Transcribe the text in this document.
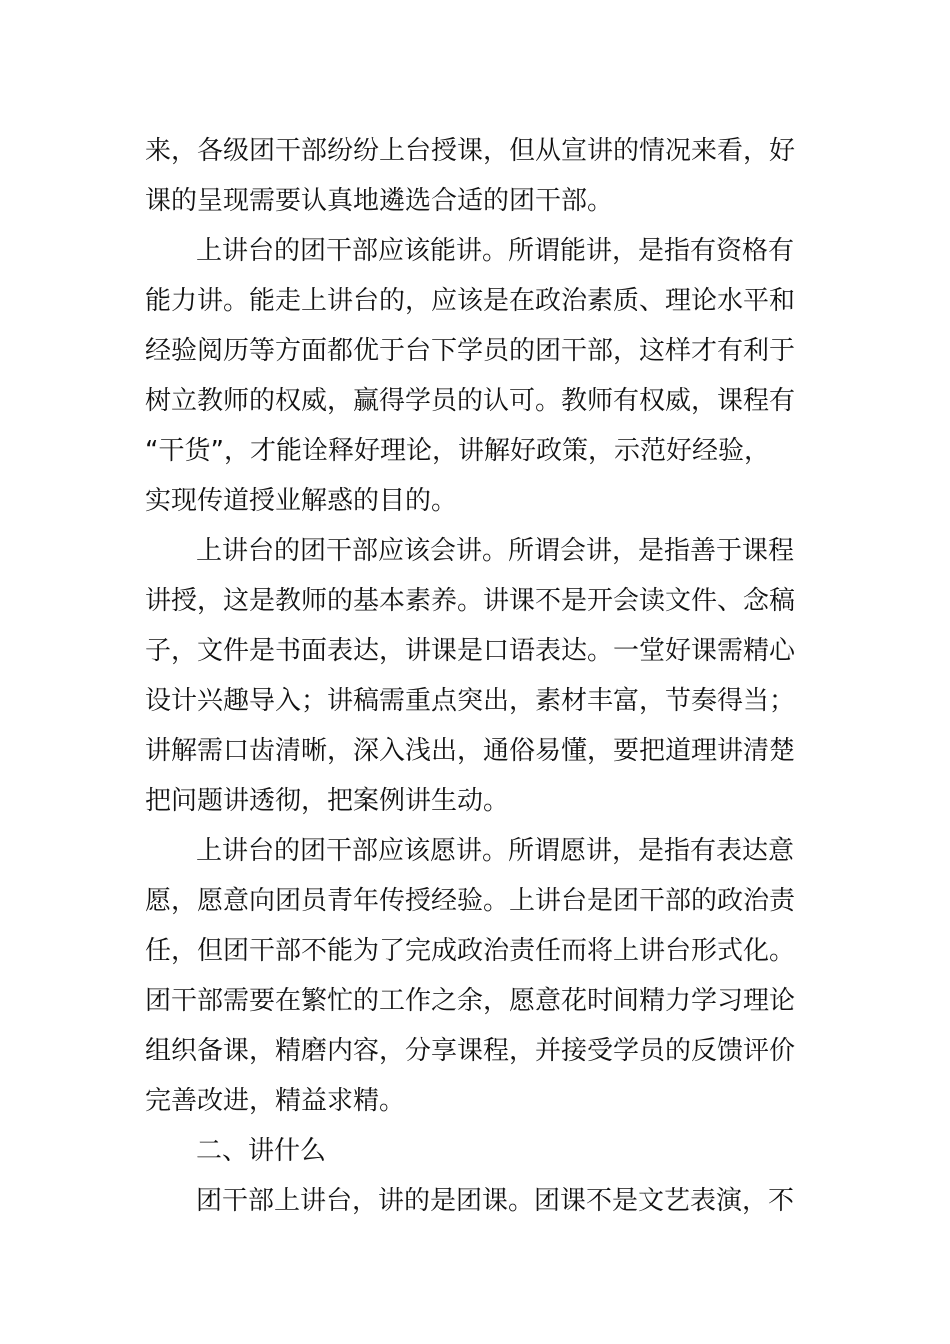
来，各级团干部纷纷上台授课，但从宣讲的情况来看，好
课的呈现需要认真地遴选合适的团干部。
上讲台的团干部应该能讲。所谓能讲，是指有资格有
能力讲。能走上讲台的，应该是在政治素质、理论水平和
经验阅历等方面都优于台下学员的团干部，这样才有利于
树立教师的权威，赢得学员的认可。教师有权威，课程有
“干货”，才能诠释好理论，讲解好政策，示范好经验，
实现传道授业解惑的目的。
上讲台的团干部应该会讲。所谓会讲，是指善于课程
讲授，这是教师的基本素养。讲课不是开会读文件、念稿
子，文件是书面表达，讲课是口语表达。一堂好课需精心
设计兴趣导入；讲稿需重点突出，素材丰富，节奏得当；
讲解需口齿清晰，深入浅出，通俗易懂，要把道理讲清楚
把问题讲透彻，把案例讲生动。
上讲台的团干部应该愿讲。所谓愿讲，是指有表达意
愿，愿意向团员青年传授经验。上讲台是团干部的政治责
任，但团干部不能为了完成政治责任而将上讲台形式化。
团干部需要在繁忙的工作之余，愿意花时间精力学习理论
组织备课，精磨内容，分享课程，并接受学员的反馈评价
完善改进，精益求精。
二、讲什么
团干部上讲台，讲的是团课。团课不是文艺表演，不
